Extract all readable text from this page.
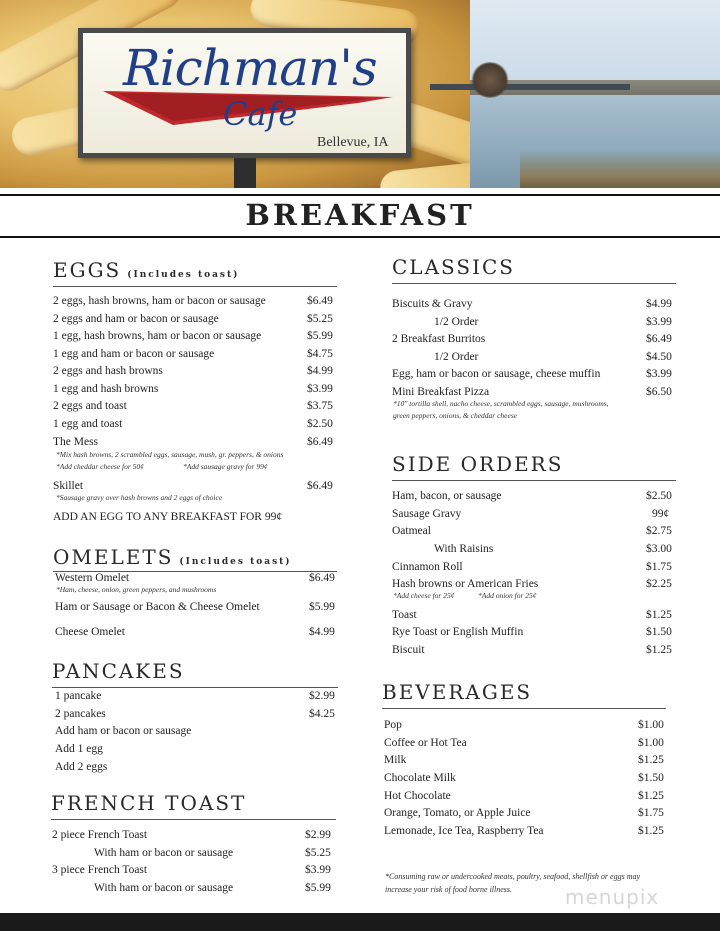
Richman's
Cafe
Bellevue, IA
BREAKFAST
EGGS (Includes toast)
2 eggs, hash browns, ham or bacon or sausage	$6.49
2 eggs and ham or bacon or sausage	$5.25
1 egg, hash browns, ham or bacon or sausage	$5.99
1 egg and ham or bacon or sausage	$4.75
2 eggs and hash browns	$4.99
1 egg and hash browns	$3.99
2 eggs and toast	$3.75
1 egg and toast	$2.50
The Mess	$6.49
*Mix hash browns, 2 scrambled eggs, sausage, mush, gr. peppers, & onions
*Add cheddar cheese for 50¢	*Add sausage gravy for 99¢
Skillet	$6.49
*Sausage gravy over hash browns and 2 eggs of choice
ADD AN EGG TO ANY BREAKFAST FOR 99¢
OMELETS (Includes toast)
Western Omelet	$6.49
*Ham, cheese, onion, green peppers, and mushrooms
Ham or Sausage or Bacon & Cheese Omelet	$5.99
Cheese Omelet	$4.99
PANCAKES
1 pancake	$2.99
2 pancakes	$4.25
Add ham or bacon or sausage
Add 1 egg
Add 2 eggs
FRENCH TOAST
2 piece French Toast	$2.99
With ham or bacon or sausage	$5.25
3 piece French Toast	$3.99
With ham or bacon or sausage	$5.99
CLASSICS
Biscuits & Gravy	$4.99
1/2 Order	$3.99
2 Breakfast Burritos	$6.49
1/2 Order	$4.50
Egg, ham or bacon or sausage, cheese muffin	$3.99
Mini Breakfast Pizza	$6.50
*10" tortilla shell, nacho cheese, scrambled eggs, sausage, mushrooms,
green peppers, onions, & cheddar cheese
SIDE ORDERS
Ham, bacon, or sausage	$2.50
Sausage Gravy	99¢
Oatmeal	$2.75
With Raisins	$3.00
Cinnamon Roll	$1.75
Hash browns or American Fries	$2.25
*Add cheese for 25¢	*Add onion for 25¢
Toast	$1.25
Rye Toast or English Muffin	$1.50
Biscuit	$1.25
BEVERAGES
Pop	$1.00
Coffee or Hot Tea	$1.00
Milk	$1.25
Chocolate Milk	$1.50
Hot Chocolate	$1.25
Orange, Tomato, or Apple Juice	$1.75
Lemonade, Ice Tea, Raspberry Tea	$1.25
*Consuming raw or undercooked meats, poultry, seafood, shellfish or eggs may
increase your risk of food borne illness.	menupix
